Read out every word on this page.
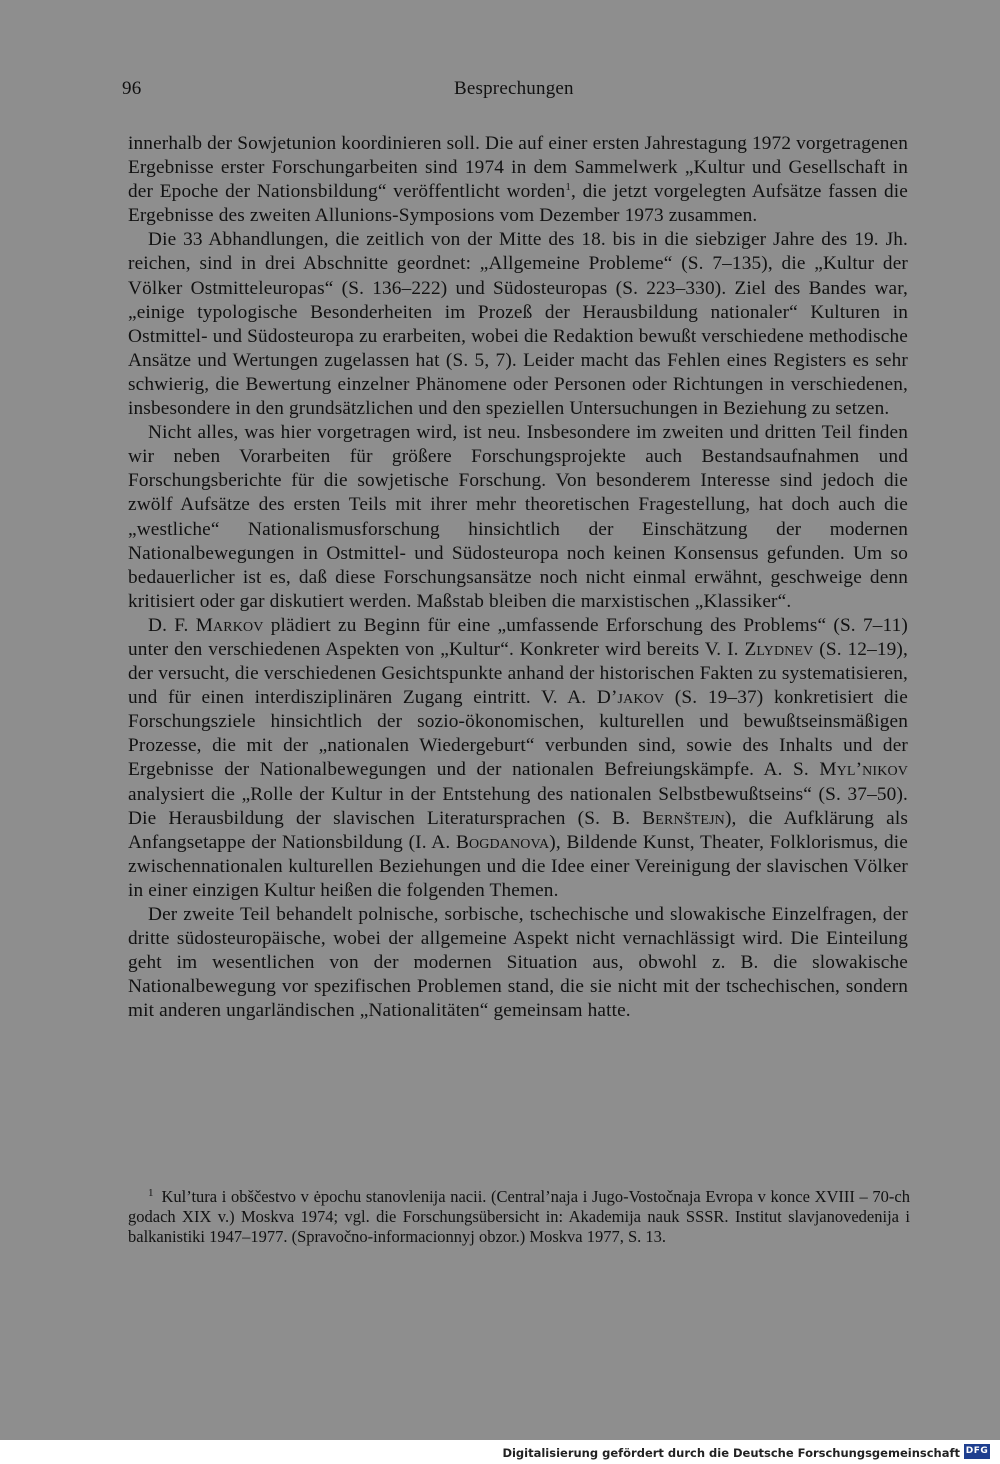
96	Besprechungen

innerhalb der Sowjetunion koordinieren soll. Die auf einer ersten Jahrestagung 1972 vorgetragenen Ergebnisse erster Forschungarbeiten sind 1974 in dem Sammelwerk „Kultur und Gesellschaft in der Epoche der Nationsbildung“ veröffentlicht worden$^1$, die jetzt vorgelegten Aufsätze fassen die Ergebnisse des zweiten Allunions-Symposions vom Dezember 1973 zusammen.

Die 33 Abhandlungen, die zeitlich von der Mitte des 18. bis in die siebziger Jahre des 19. Jh. reichen, sind in drei Abschnitte geordnet: „Allgemeine Probleme“ (S. 7–135), die „Kultur der Völker Ostmitteleuropas“ (S. 136–222) und Südosteuropas (S. 223–330). Ziel des Bandes war, „einige typologische Besonderheiten im Prozeß der Herausbildung nationaler“ Kulturen in Ostmittel- und Südosteuropa zu erarbeiten, wobei die Redaktion bewußt verschiedene methodische Ansätze und Wertungen zugelassen hat (S. 5, 7). Leider macht das Fehlen eines Registers es sehr schwierig, die Bewertung einzelner Phänomene oder Personen oder Richtungen in verschiedenen, insbesondere in den grundsätzlichen und den speziellen Untersuchungen in Beziehung zu setzen.

Nicht alles, was hier vorgetragen wird, ist neu. Insbesondere im zweiten und dritten Teil finden wir neben Vorarbeiten für größere Forschungsprojekte auch Bestandsaufnahmen und Forschungsberichte für die sowjetische Forschung. Von besonderem Interesse sind jedoch die zwölf Aufsätze des ersten Teils mit ihrer mehr theoretischen Fragestellung, hat doch auch die „westliche“ Nationalismusforschung hinsichtlich der Einschätzung der modernen Nationalbewegungen in Ostmittel- und Südosteuropa noch keinen Konsensus gefunden. Um so bedauerlicher ist es, daß diese Forschungsansätze noch nicht einmal erwähnt, geschweige denn kritisiert oder gar diskutiert werden. Maßstab bleiben die marxistischen „Klassiker“.

D. F. Markov plädiert zu Beginn für eine „umfassende Erforschung des Problems“ (S. 7–11) unter den verschiedenen Aspekten von „Kultur“. Konkreter wird bereits V. I. Zlydnev (S. 12–19), der versucht, die verschiedenen Gesichtspunkte anhand der historischen Fakten zu systematisieren, und für einen interdisziplinären Zugang eintritt. V. A. D’jakov (S. 19–37) konkretisiert die Forschungsziele hinsichtlich der sozio-ökonomischen, kulturellen und bewußtseinsmäßigen Prozesse, die mit der „nationalen Wiedergeburt“ verbunden sind, sowie des Inhalts und der Ergebnisse der Nationalbewegungen und der nationalen Befreiungskämpfe. A. S. Myl’nikov analysiert die „Rolle der Kultur in der Entstehung des nationalen Selbstbewußtseins“ (S. 37–50). Die Herausbildung der slavischen Literatursprachen (S. B. Bernštejn), die Aufklärung als Anfangsetappe der Nationsbildung (I. A. Bogdanova), Bildende Kunst, Theater, Folklorismus, die zwischennationalen kulturellen Beziehungen und die Idee einer Vereinigung der slavischen Völker in einer einzigen Kultur heißen die folgenden Themen.

Der zweite Teil behandelt polnische, sorbische, tschechische und slowakische Einzelfragen, der dritte südosteuropäische, wobei der allgemeine Aspekt nicht vernachlässigt wird. Die Einteilung geht im wesentlichen von der modernen Situation aus, obwohl z. B. die slowakische Nationalbewegung vor spezifischen Problemen stand, die sie nicht mit der tschechischen, sondern mit anderen ungarländischen „Nationalitäten“ gemeinsam hatte.

$^1$ Kul’tura i obščestvo v ėpochu stanovlenija nacii. (Central’naja i Jugo-Vostočnaja Evropa v konce XVIII – 70-ch godach XIX v.) Moskva 1974; vgl. die Forschungsübersicht in: Akademija nauk SSSR. Institut slavjanovedenija i balkanistiki 1947–1977. (Spravočno-informacionnyj obzor.) Moskva 1977, S. 13.
Digitalisierung gefördert durch die Deutsche Forschungsgemeinschaft DFG
